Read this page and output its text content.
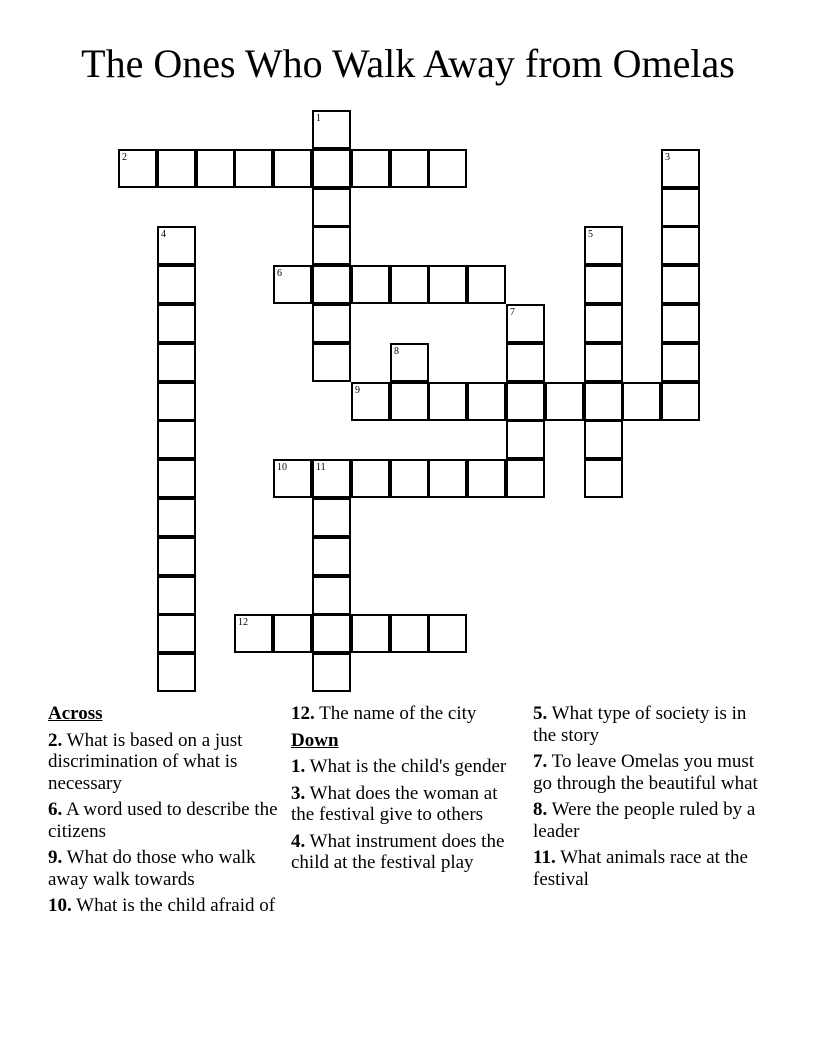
The Ones Who Walk Away from Omelas
1
2	3
4	5
6
7
8
9
10	11
12
Across
2. What is based on a just discrimination of what is necessary
6. A word used to describe the citizens
9. What do those who walk away walk towards
10. What is the child afraid of
12. The name of the city
Down
1. What is the child's gender
3. What does the woman at the festival give to others
4. What instrument does the child at the festival play
5. What type of society is in the story
7. To leave Omelas you must go through the beautiful what
8. Were the people ruled by a leader
11. What animals race at the festival
